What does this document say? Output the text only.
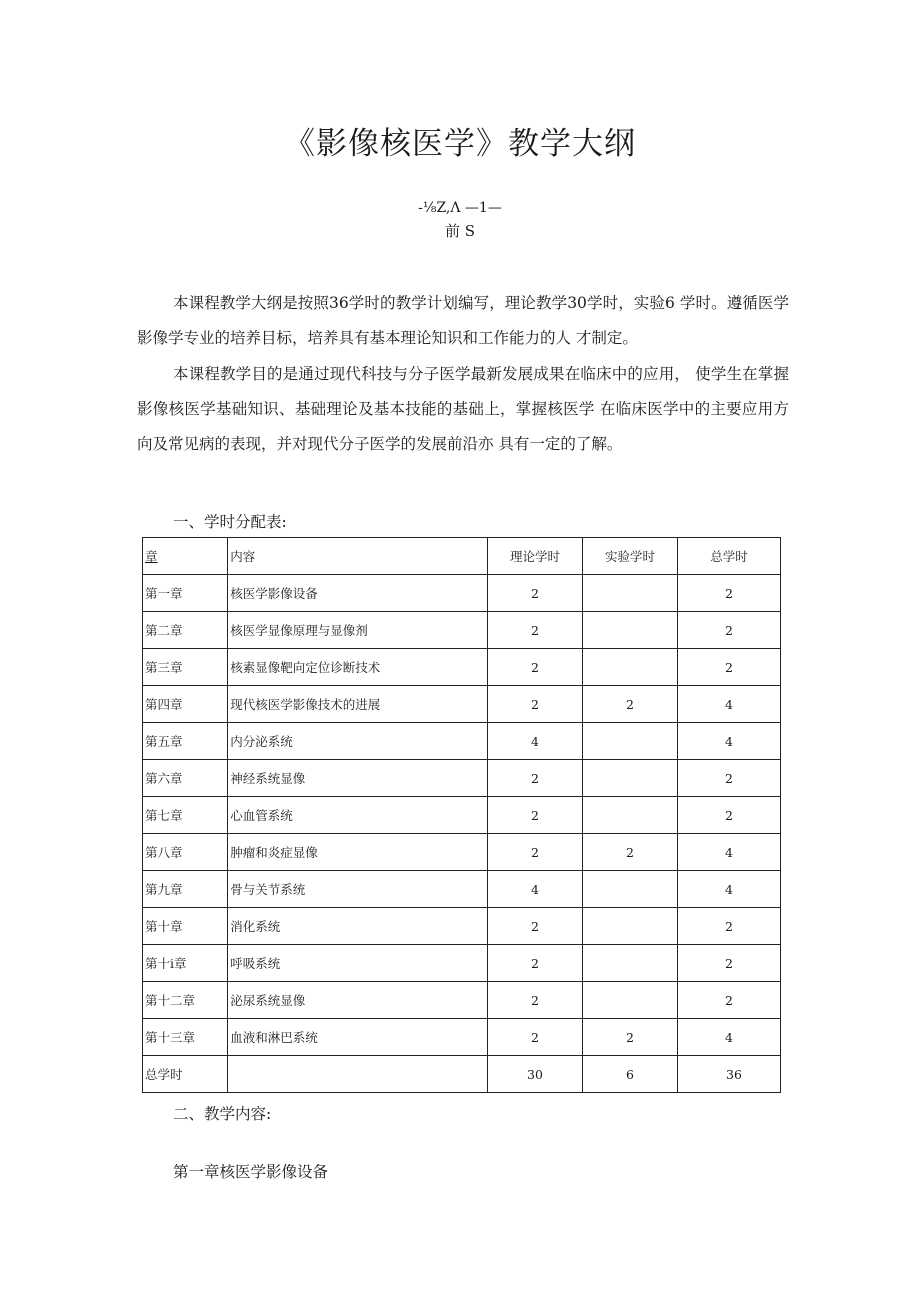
《影像核医学》教学大纲
-⅛Z,Λ —1—
前 S
本课程教学大纲是按照36学时的教学计划编写，理论教学30学时，实验6 学时。遵循医学影像学专业的培养目标，培养具有基本理论知识和工作能力的人 才制定。
本课程教学目的是通过现代科技与分子医学最新发展成果在临床中的应用， 使学生在掌握影像核医学基础知识、基础理论及基本技能的基础上，掌握核医学 在临床医学中的主要应用方向及常见病的表现，并对现代分子医学的发展前沿亦 具有一定的了解。
一、学时分配表:
章	内容	理论学时	实验学时	总学时
第一章	核医学影像设备	2		2
第二章	核医学显像原理与显像剂	2		2
第三章	核素显像靶向定位诊断技术	2		2
第四章	现代核医学影像技术的进展	2	2	4
第五章	内分泌系统	4		4
第六章	神经系统显像	2		2
第七章	心血管系统	2		2
第八章	肿瘤和炎症显像	2	2	4
第九章	骨与关节系统	4		4
第十章	消化系统	2		2
第十i章	呼吸系统	2		2
第十二章	泌尿系统显像	2		2
第十三章	血液和淋巴系统	2	2	4
总学时		30	6	36
二、教学内容:
第一章核医学影像设备
